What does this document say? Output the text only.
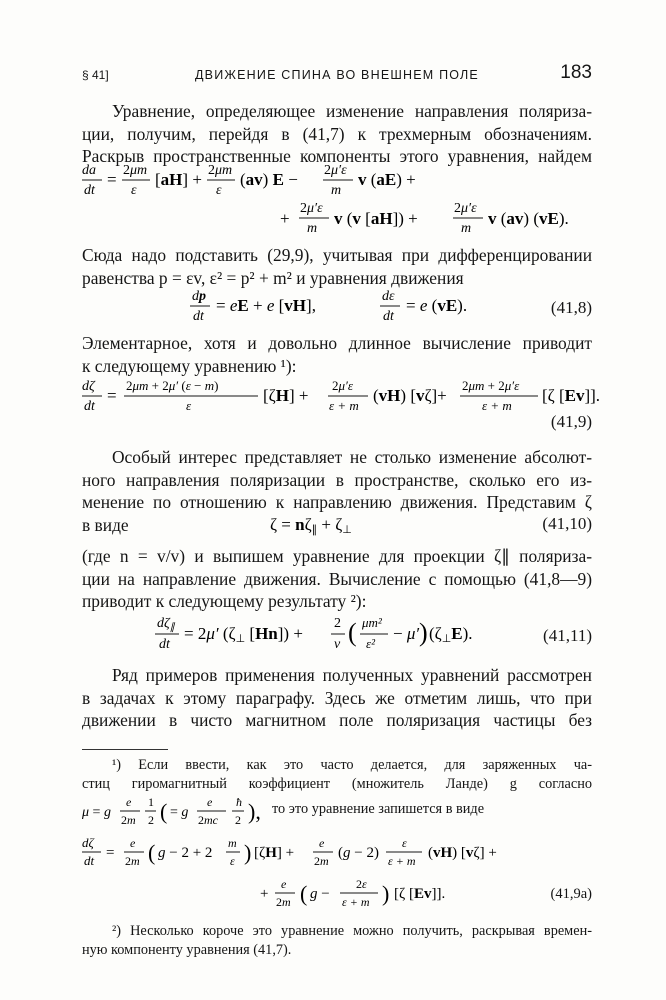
§ 41]	ДВИЖЕНИЕ СПИНА ВО ВНЕШНЕМ ПОЛЕ	183
Уравнение, определяющее изменение направления поляриза-
ции, получим, перейдя в (41,7) к трехмерным обозначениям.
Раскрыв пространственные компоненты этого уравнения, найдем
da
dt
= 2μm
ε
[aH] + 2μm
ε
(av) E − 2μ′ε
m
v (aE) +
+
2μ′ε
m
v (v [aH]) +
2μ′ε
m
v (av) (vE).
Сюда надо подставить (29,9), учитывая при дифференцировании
равенства p = εv, ε² = p² + m² и уравнения движения
dp
dt
= eE + e [vH],	dε
dt
= e (vE).	(41,8)
Элементарное, хотя и довольно длинное вычисление приводит
к следующему уравнению ¹):
dζ
dt
=
2μm + 2μ′ (ε − m)
ε
[ζH] +
2μ′ε
ε + m
(vH) [vζ]+
2μm + 2μ′ε
ε + m
[ζ [Ev]].
(41,9)
Особый интерес представляет не столько изменение абсолют-
ного направления поляризации в пространстве, сколько его из-
менение по отношению к направлению движения. Представим ζ
в виде	ζ = nζ∥ + ζ⊥	(41,10)
(где n = v/v) и выпишем уравнение для проекции ζ∥ поляриза-
ции на направление движения. Вычисление с помощью (41,8—9)
приводит к следующему результату ²):
$d\zeta_\parallel$
dt
= 2μ′ (ζ⊥ [Hn]) +
2
v ( μm²
ε²
− μ′ ) (ζ⊥E).	(41,11)
Ряд примеров применения полученных уравнений рассмотрен
в задачах к этому параграфу. Здесь же отметим лишь, что при
движении в чисто магнитном поле поляризация частицы без
¹) Если ввести, как это часто делается, для заряженных ча-
стиц гиромагнитный коэффициент (множитель Ланде) g согласно
μ = g
e
2m
1
2 ( = g
e
2mc
ħ
2 ), то это уравнение запишется в виде
dζ
dt =
e
2m ( g − 2 + 2
m
ε ) [ζH] +
e
2m (g − 2)
ε
ε + m (vH) [vζ] +
+
e
2m ( g −
2ε
ε + m ) [ζ [Ev]].	(41,9a)
²) Несколько короче это уравнение можно получить, раскрывая времен-
ную компоненту уравнения (41,7).
